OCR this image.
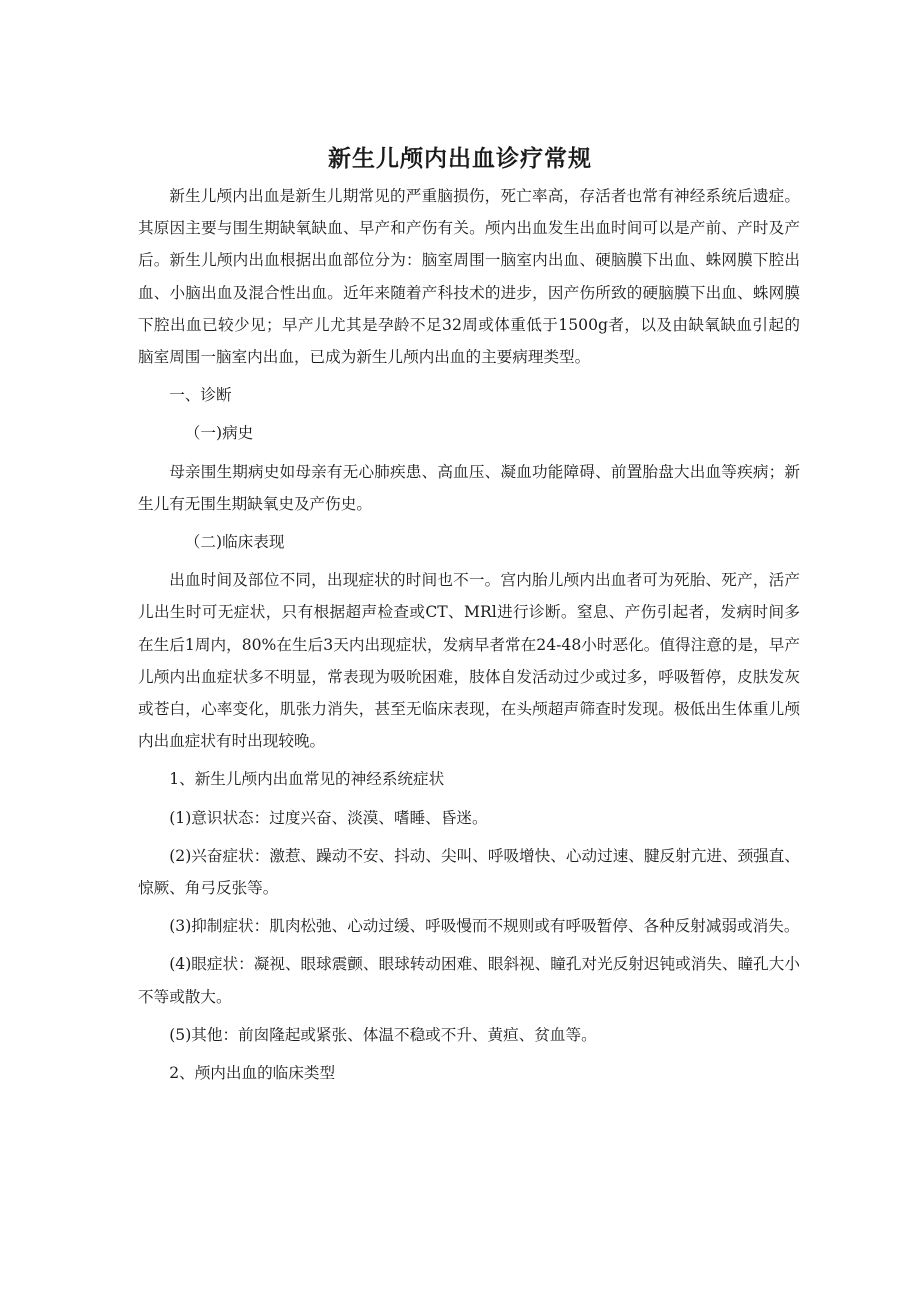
新生儿颅内出血诊疗常规

新生儿颅内出血是新生儿期常见的严重脑损伤，死亡率高，存活者也常有神经系统后遗症。其原因主要与围生期缺氧缺血、早产和产伤有关。颅内出血发生出血时间可以是产前、产时及产后。新生儿颅内出血根据出血部位分为：脑室周围一脑室内出血、硬脑膜下出血、蛛网膜下腔出血、小脑出血及混合性出血。近年来随着产科技术的进步，因产伤所致的硬脑膜下出血、蛛网膜下腔出血已较少见；早产儿尤其是孕龄不足32周或体重低于1500g者，以及由缺氧缺血引起的脑室周围一脑室内出血，已成为新生儿颅内出血的主要病理类型。

一、诊断

（一)病史

母亲围生期病史如母亲有无心肺疾患、高血压、凝血功能障碍、前置胎盘大出血等疾病；新生儿有无围生期缺氧史及产伤史。

（二)临床表现

出血时间及部位不同，出现症状的时间也不一。宫内胎儿颅内出血者可为死胎、死产，活产儿出生时可无症状，只有根据超声检查或CT、MRl进行诊断。窒息、产伤引起者，发病时间多在生后1周内，80%在生后3天内出现症状，发病早者常在24-48小时恶化。值得注意的是，早产儿颅内出血症状多不明显，常表现为吸吮困难，肢体自发活动过少或过多，呼吸暂停，皮肤发灰或苍白，心率变化，肌张力消失，甚至无临床表现，在头颅超声筛查时发现。极低出生体重儿颅内出血症状有时出现较晚。

1、新生儿颅内出血常见的神经系统症状

(1)意识状态：过度兴奋、淡漠、嗜睡、昏迷。

(2)兴奋症状：激惹、躁动不安、抖动、尖叫、呼吸增快、心动过速、腱反射亢进、颈强直、惊厥、角弓反张等。

(3)抑制症状：肌肉松弛、心动过缓、呼吸慢而不规则或有呼吸暂停、各种反射减弱或消失。

(4)眼症状：凝视、眼球震颤、眼球转动困难、眼斜视、瞳孔对光反射迟钝或消失、瞳孔大小不等或散大。

(5)其他：前囱隆起或紧张、体温不稳或不升、黄疸、贫血等。

2、颅内出血的临床类型
